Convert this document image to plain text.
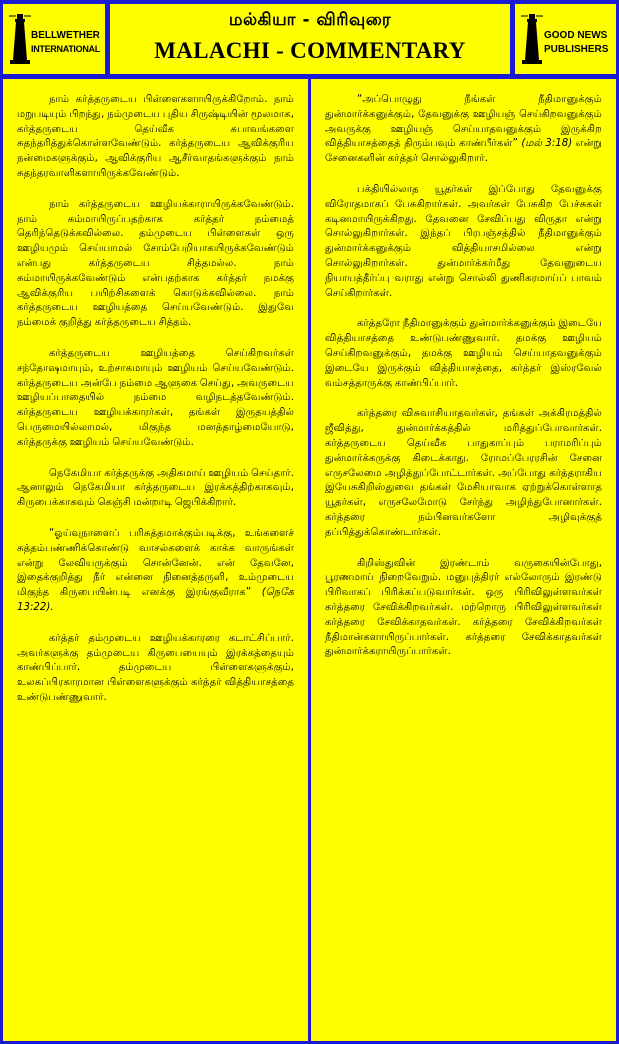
BELLWETHER
INTERNATIONAL
மல்கியா - விரிவுரை
MALACHI - COMMENTARY
GOOD NEWS
PUBLISHERS

நாம் கர்த்தருடைய பிள்ளைகளாயிருக்கிறோம். நாம் மறுபடியும் பிறந்து, நம்முடைய புதிய சிருஷ்டியின் மூலமாக, கர்த்தருடைய தெய்வீக சுபாவங்களை சுதந்தரித்துக்கொள்ளவேண்டும். கர்த்தருடைய ஆவிக்குரிய நன்மைகளுக்கும், ஆவிக்குரிய ஆசீர்வாதங்களுக்கும் நாம் சுதந்தரவாளிகளாயிருக்கவேண்டும்.

நாம் கர்த்தருடைய ஊழியக்காராயிருக்கவேண்டும். நாம் சும்மாயிருப்பதற்காக கர்த்தர் நம்மைத் தெரிந்தெடுக்கவில்லை. தம்முடைய பிள்ளைகள் ஒரு ஊழியமும் செய்யாமல் சோம்பேறியாகயிருக்கவேண்டும் என்பது கர்த்தருடைய சித்தமல்ல. நாம் சும்மாயிருக்கவேண்டும் என்பதற்காக கர்த்தர் நமக்கு ஆவிக்குரிய பயிற்சிகளைக் கொடுக்கவில்லை. நாம் கர்த்தருடைய ஊழியத்தை செய்யவேண்டும். இதுவே நம்மைக் குறித்து கர்த்தருடைய சித்தம்.

கர்த்தருடைய ஊழியத்தை செய்கிறவர்கள் சந்தோஷமாயும், உற்சாகமாயும் ஊழியம் செய்யவேண்டும். கர்த்தருடைய அன்பே நம்மை ஆளுகை செய்து, அவருடைய ஊழியப்பாதையில் நம்மை வழிநடத்தவேண்டும். கர்த்தருடைய ஊழியக்காரர்கள், தங்கள் இருதயத்தில் பெருமையில்லாமல், மிகுந்த மனத்தாழ்மையோடு, கர்த்தருக்கு ஊழியம் செய்யவேண்டும்.

நெகேமியா கர்த்தருக்கு அதிகமாய் ஊழியம் செய்தார். ஆனாலும் நெகேமியா கர்த்தருடைய இரக்கத்திற்காகவும், கிருபைக்காகவும் கெஞ்சி மன்றாடி ஜெபிக்கிறார்.

“ஓய்வுநாளைப் பரிசுத்தமாக்கும்படிக்கு, உங்களைச் சுத்தம்பண்ணிக்கொண்டு வாசல்களைக் காக்க வாருங்கள் என்று லேவியருக்கும் சொன்னேன். என் தேவனே, இதைக்குறித்து நீர் என்னை நினைத்தருளி, உம்முடைய மிகுந்த கிருபையின்படி எனக்கு இரங்குவீராக” (நெகே 13:22).

கர்த்தர் தம்முடைய ஊழியக்காரரை கடாட்சிப்பார். அவர்களுக்கு தம்முடைய கிருபையையும் இரக்கத்தையும் காண்பிப்பார். தம்முடைய பிள்ளைகளுக்கும், உலகப்பிரகாரமான பிள்ளைகளுக்கும் கர்த்தர் வித்தியாசத்தை உண்டுபண்ணுவார்.

“அப்பொழுது நீங்கள் நீதிமானுக்கும் துன்மார்க்கனுக்கும், தேவனுக்கு ஊழியஞ் செய்கிறவனுக்கும் அவருக்கு ஊழியஞ் செய்யாதவனுக்கும் இருக்கிற வித்தியாசத்தைத் திரும்பவும் காண்பீர்கள்” (மல் 3:18) என்று சேனைகளின் கர்த்தர் சொல்லுகிறார்.

பக்தியில்லாத யூதர்கள் இப்போது தேவனுக்கு விரோதமாகப் பேசுகிறார்கள். அவர்கள் பேசுகிற பேச்சுகள் கடினமாயிருக்கிறது. தேவனை சேவிப்பது விருதா என்று சொல்லுகிறார்கள். இந்தப் பிரபஞ்சத்தில் நீதிமானுக்கும் துன்மார்க்கனுக்கும் வித்தியாசமில்லை என்று சொல்லுகிறார்கள். துன்மார்க்கர்மீது தேவனுடைய நியாயத்தீர்ப்பு வராது என்று சொல்லி துணிகரமாய்ப் பாவம் செய்கிறார்கள்.

கர்த்தரோ நீதிமானுக்கும் துன்மார்க்கனுக்கும் இடையே வித்தியாசத்தை உண்டுபண்ணுவார். தமக்கு ஊழியம் செய்கிறவனுக்கும், தமக்கு ஊழியம் செய்யாதவனுக்கும் இடையே இருக்கும் வித்தியாசத்தை, கர்த்தர் இஸ்ரவேல் வம்சத்தாருக்கு காண்பிப்பார்.

கர்த்தரை விசுவாசியாதவர்கள், தங்கள் அக்கிரமத்தில் ஜீவித்து, துன்மார்க்கத்தில் மரித்துப்போவார்கள். கர்த்தருடைய தெய்வீக பாதுகாப்பும் பராமரிப்பும் துன்மார்க்கருக்கு கிடைக்காது. ரோமப்பேரரசின் சேனை எருசலேமை அழித்துப்போட்டார்கள். அப்போது கர்த்தராகிய இயேசுகிறிஸ்துவை தங்கள் மேசியாவாக ஏற்றுக்கொள்ளாத யூதர்கள், எருசலேமோடு சேர்ந்து அழிந்துபோனார்கள். கர்த்தரை நம்பினவர்களோ அழிவுக்குத் தப்பித்துக்கொண்டார்கள்.

கிறிஸ்துவின் இரண்டாம் வருகையின்போது, பூரணமாய் நிறைவேறும். மனுபுத்திரர் எல்லோரும் இரண்டு பிரிவாகப் பிரிக்கப்படுவார்கள். ஒரு பிரிவிலுள்ளவர்கள் கர்த்தரை சேவிக்கிறவர்கள். மற்றொரு பிரிவிலுள்ளவர்கள் கர்த்தரை சேவிக்காதவர்கள். கர்த்தரை சேவிக்கிறவர்கள் நீதிமான்களாயிருப்பார்கள். கர்த்தரை சேவிக்காதவர்கள் துன்மார்க்கராயிருப்பார்கள்.
